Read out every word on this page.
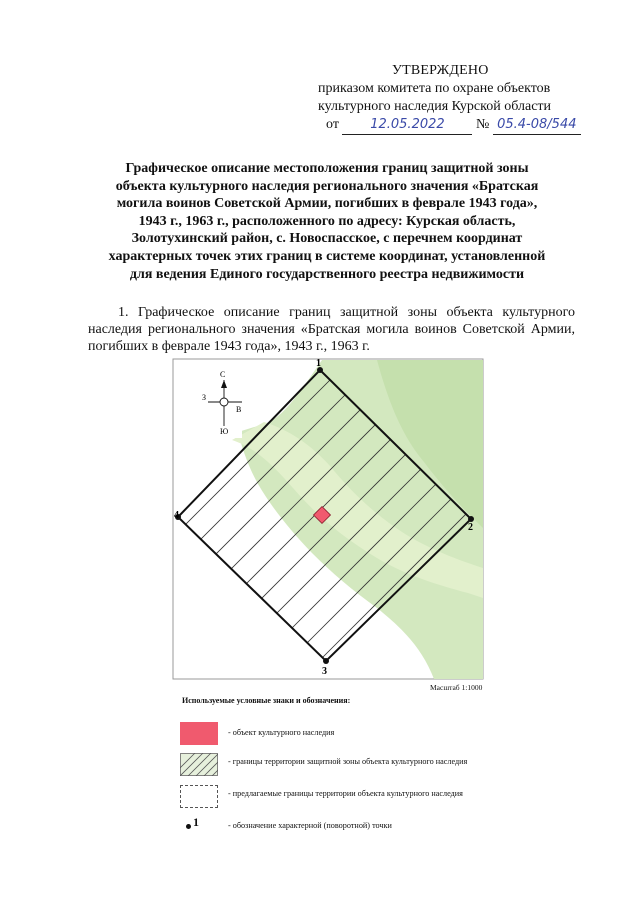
УТВЕРЖДЕНО
приказом комитета по охране объектов
культурного наследия Курской области
от 12.05.2022 № 05.4-08/544
Графическое описание местоположения границ защитной зоны
объекта культурного наследия регионального значения «Братская
могила воинов Советской Армии, погибших в феврале 1943 года»,
1943 г., 1963 г., расположенного по адресу: Курская область,
Золотухинский район, с. Новоспасское, с перечнем координат
характерных точек этих границ в системе координат, установленной
для ведения Единого государственного реестра недвижимости
1. Графическое описание границ защитной зоны объекта культурного наследия регионального значения «Братская могила воинов Советской Армии, погибших в феврале 1943 года», 1943 г., 1963 г.
1
2
3
4
С
Ю
В
З
Масштаб 1:1000
Используемые условные знаки и обозначения:
- объект культурного наследия
- границы территории защитной зоны объекта культурного наследия
- предлагаемые границы территории объекта культурного наследия
1	- обозначение характерной (поворотной) точки
